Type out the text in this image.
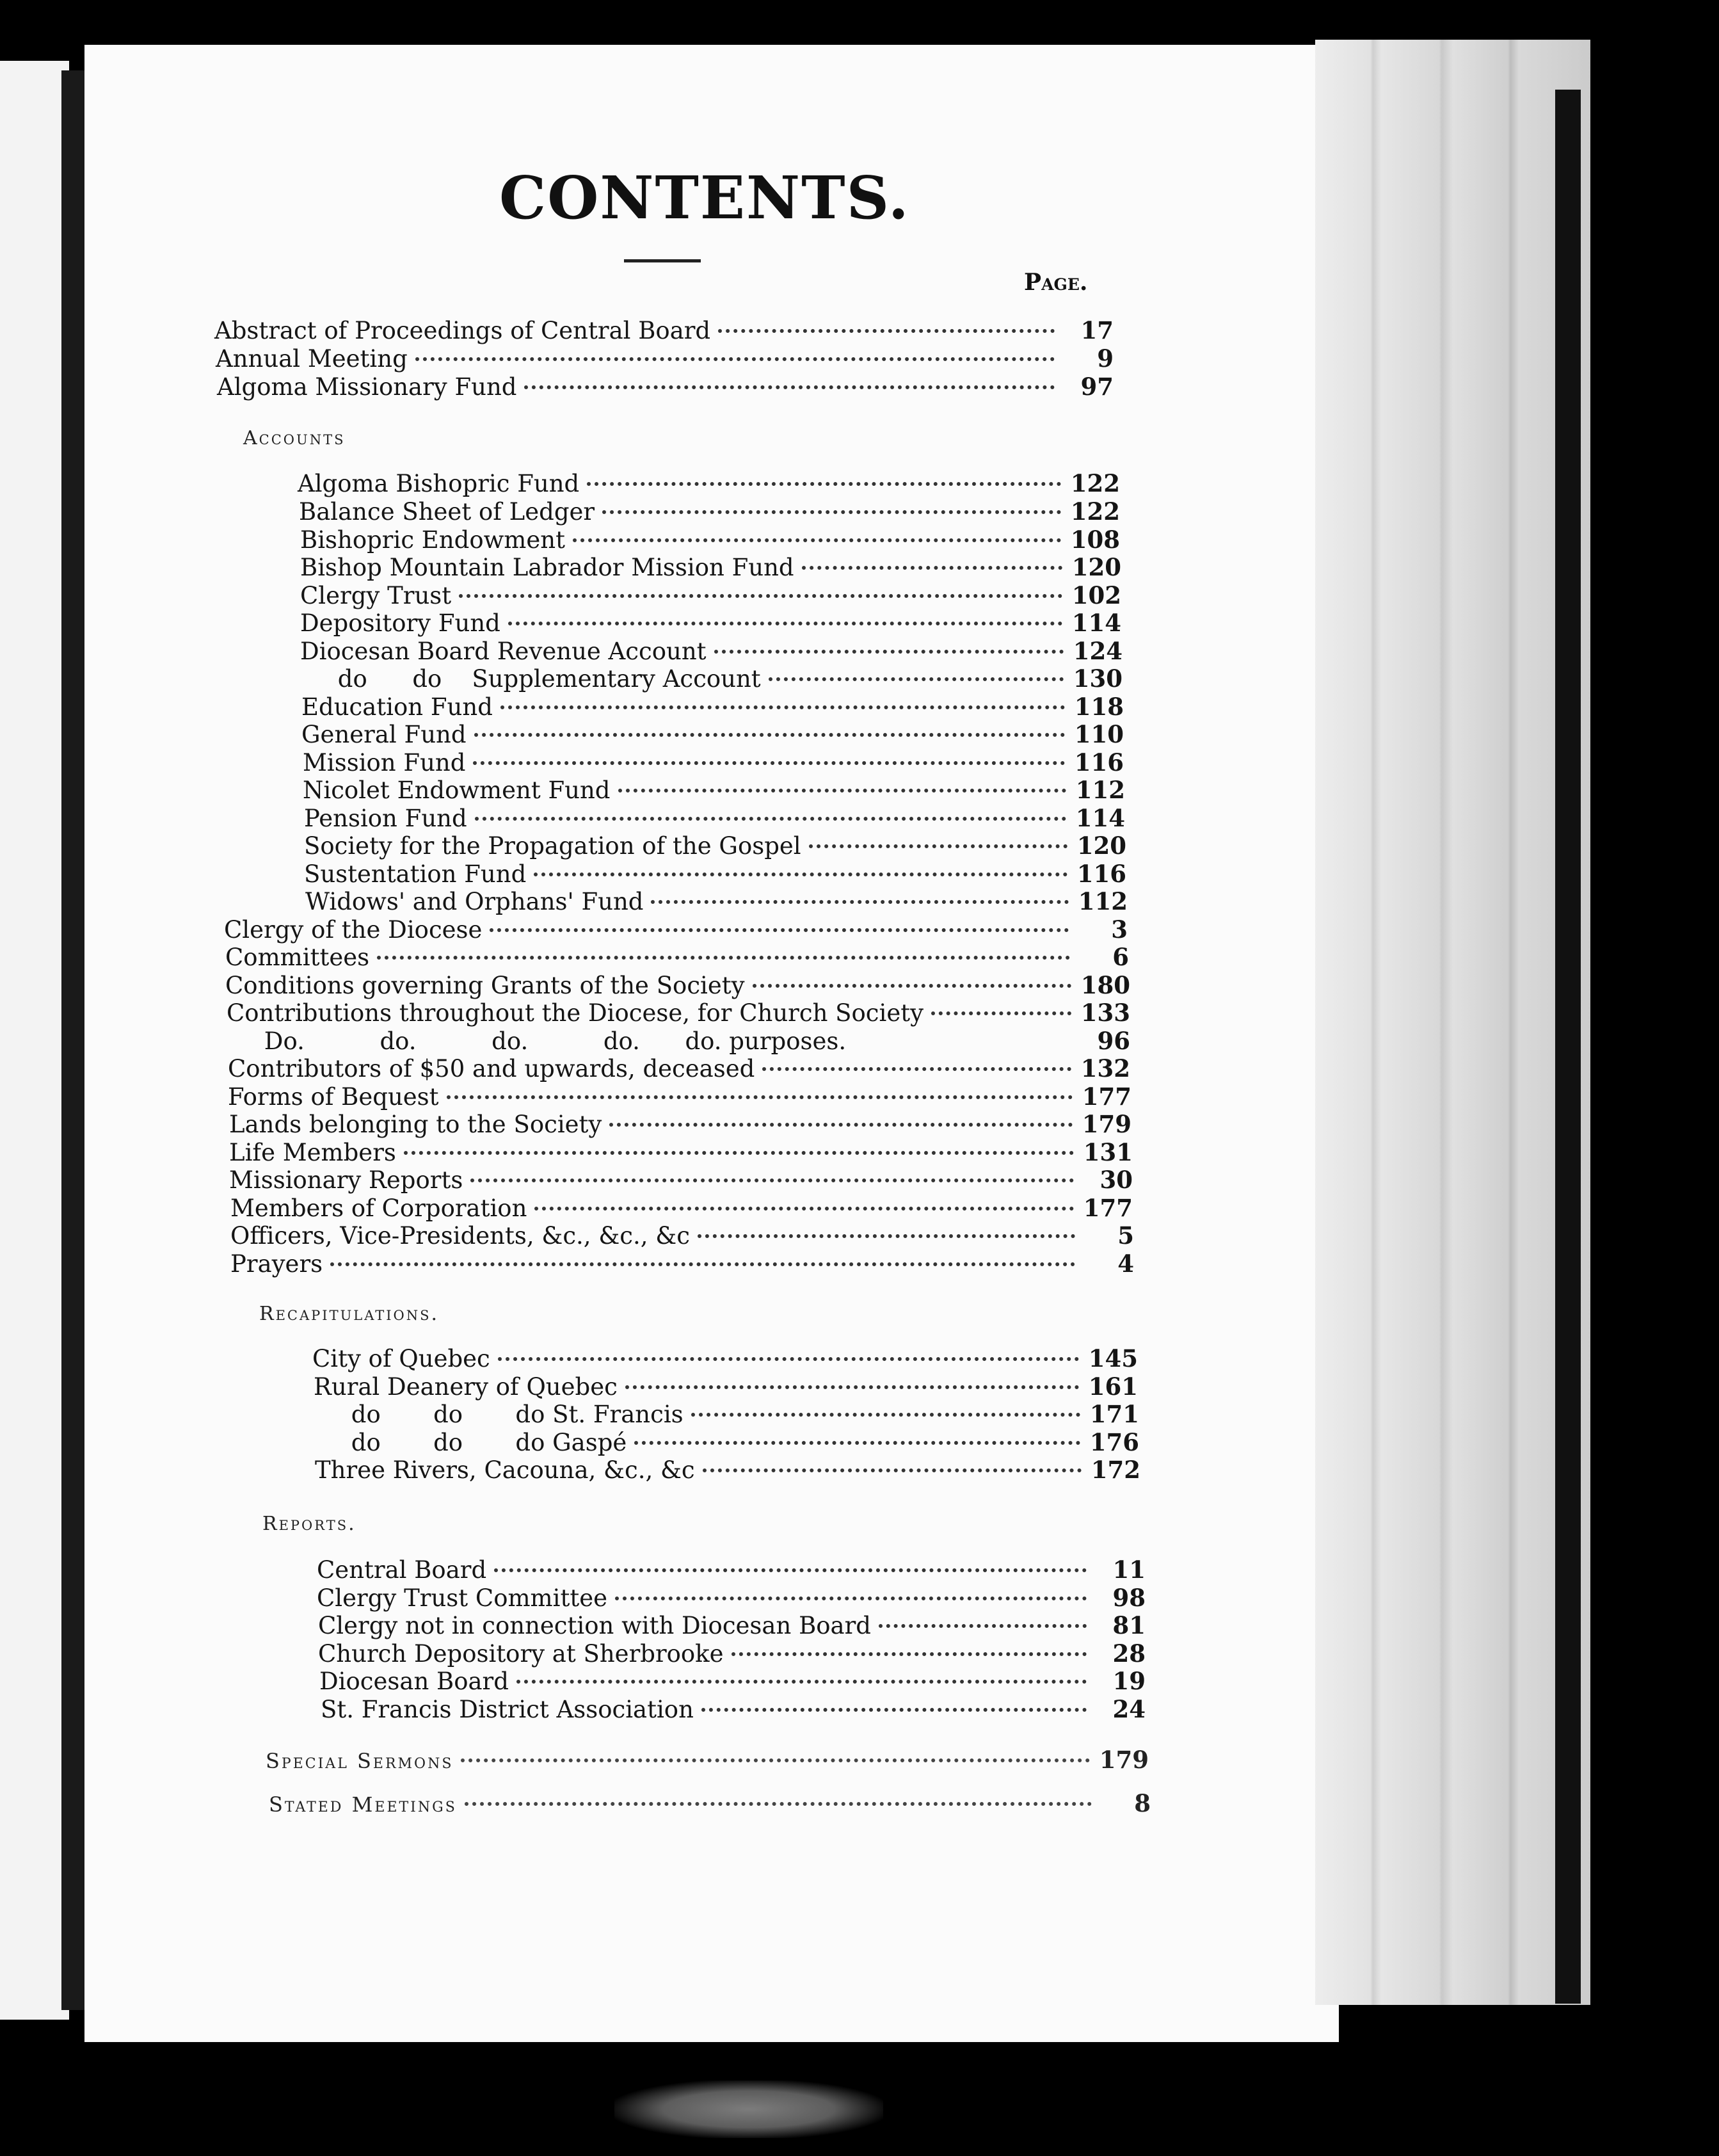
CONTENTS.
Page.
Abstract of Proceedings of Central Board	17
Annual Meeting	9
Algoma Missionary Fund	97
Accounts
Algoma Bishopric Fund	122
Balance Sheet of Ledger	122
Bishopric Endowment	108
Bishop Mountain Labrador Mission Fund	120
Clergy Trust	102
Depository Fund	114
Diocesan Board Revenue Account	124
do      do    Supplementary Account	130
Education Fund	118
General Fund	110
Mission Fund	116
Nicolet Endowment Fund	112
Pension Fund	114
Society for the Propagation of the Gospel	120
Sustentation Fund	116
Widows' and Orphans' Fund	112
Clergy of the Diocese	3
Committees	6
Conditions governing Grants of the Society	180
Contributions throughout the Diocese, for Church Society	133
Do.          do.          do.          do.      do. purposes.	96
Contributors of $50 and upwards, deceased	132
Forms of Bequest	177
Lands belonging to the Society	179
Life Members	131
Missionary Reports	30
Members of Corporation	177
Officers, Vice-Presidents, &c., &c., &c	5
Prayers	4
Recapitulations.
City of Quebec	145
Rural Deanery of Quebec	161
do       do       do St. Francis	171
do       do       do Gaspé	176
Three Rivers, Cacouna, &c., &c	172
Reports.
Central Board	11
Clergy Trust Committee	98
Clergy not in connection with Diocesan Board	81
Church Depository at Sherbrooke	28
Diocesan Board	19
St. Francis District Association	24
Special Sermons	179
Stated Meetings	8
